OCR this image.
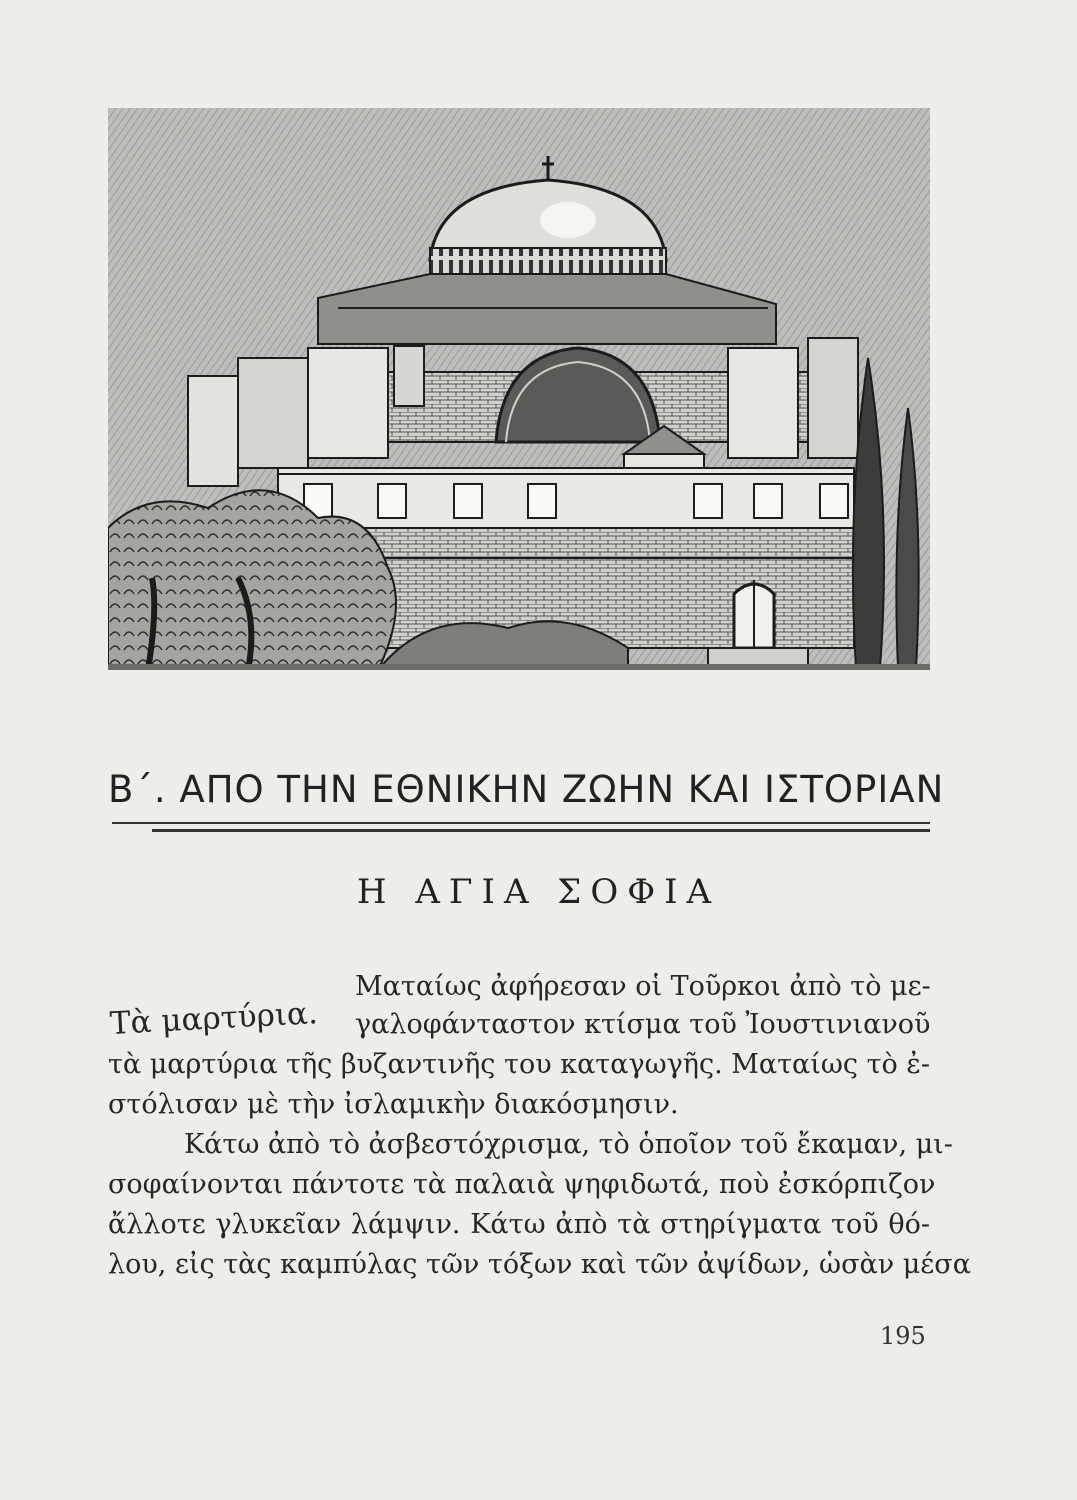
Β΄. ΑΠΟ ΤΗΝ ΕΘΝΙΚΗΝ ΖΩΗΝ ΚΑΙ ΙΣΤΟΡΙΑΝ
Η ΑΓΙΑ ΣΟΦΙΑ
Τὰ μαρτύρια.
Ματαίως ἀφήρεσαν οἱ Τοῦρκοι ἀπὸ τὸ με-
γαλοφάνταστον κτίσμα τοῦ Ἰουστινιανοῦ
τὰ μαρτύρια τῆς βυζαντινῆς του καταγωγῆς. Ματαίως τὸ ἐ-
στόλισαν μὲ τὴν ἰσλαμικὴν διακόσμησιν.
Κάτω ἀπὸ τὸ ἀσβεστόχρισμα, τὸ ὁποῖον τοῦ ἔκαμαν, μι-
σοφαίνονται πάντοτε τὰ παλαιὰ ψηφιδωτά, ποὺ ἐσκόρπιζον
ἄλλοτε γλυκεῖαν λάμψιν. Κάτω ἀπὸ τὰ στηρίγματα τοῦ θό-
λου, εἰς τὰς καμπύλας τῶν τόξων καὶ τῶν ἀψίδων, ὡσὰν μέσα
195
